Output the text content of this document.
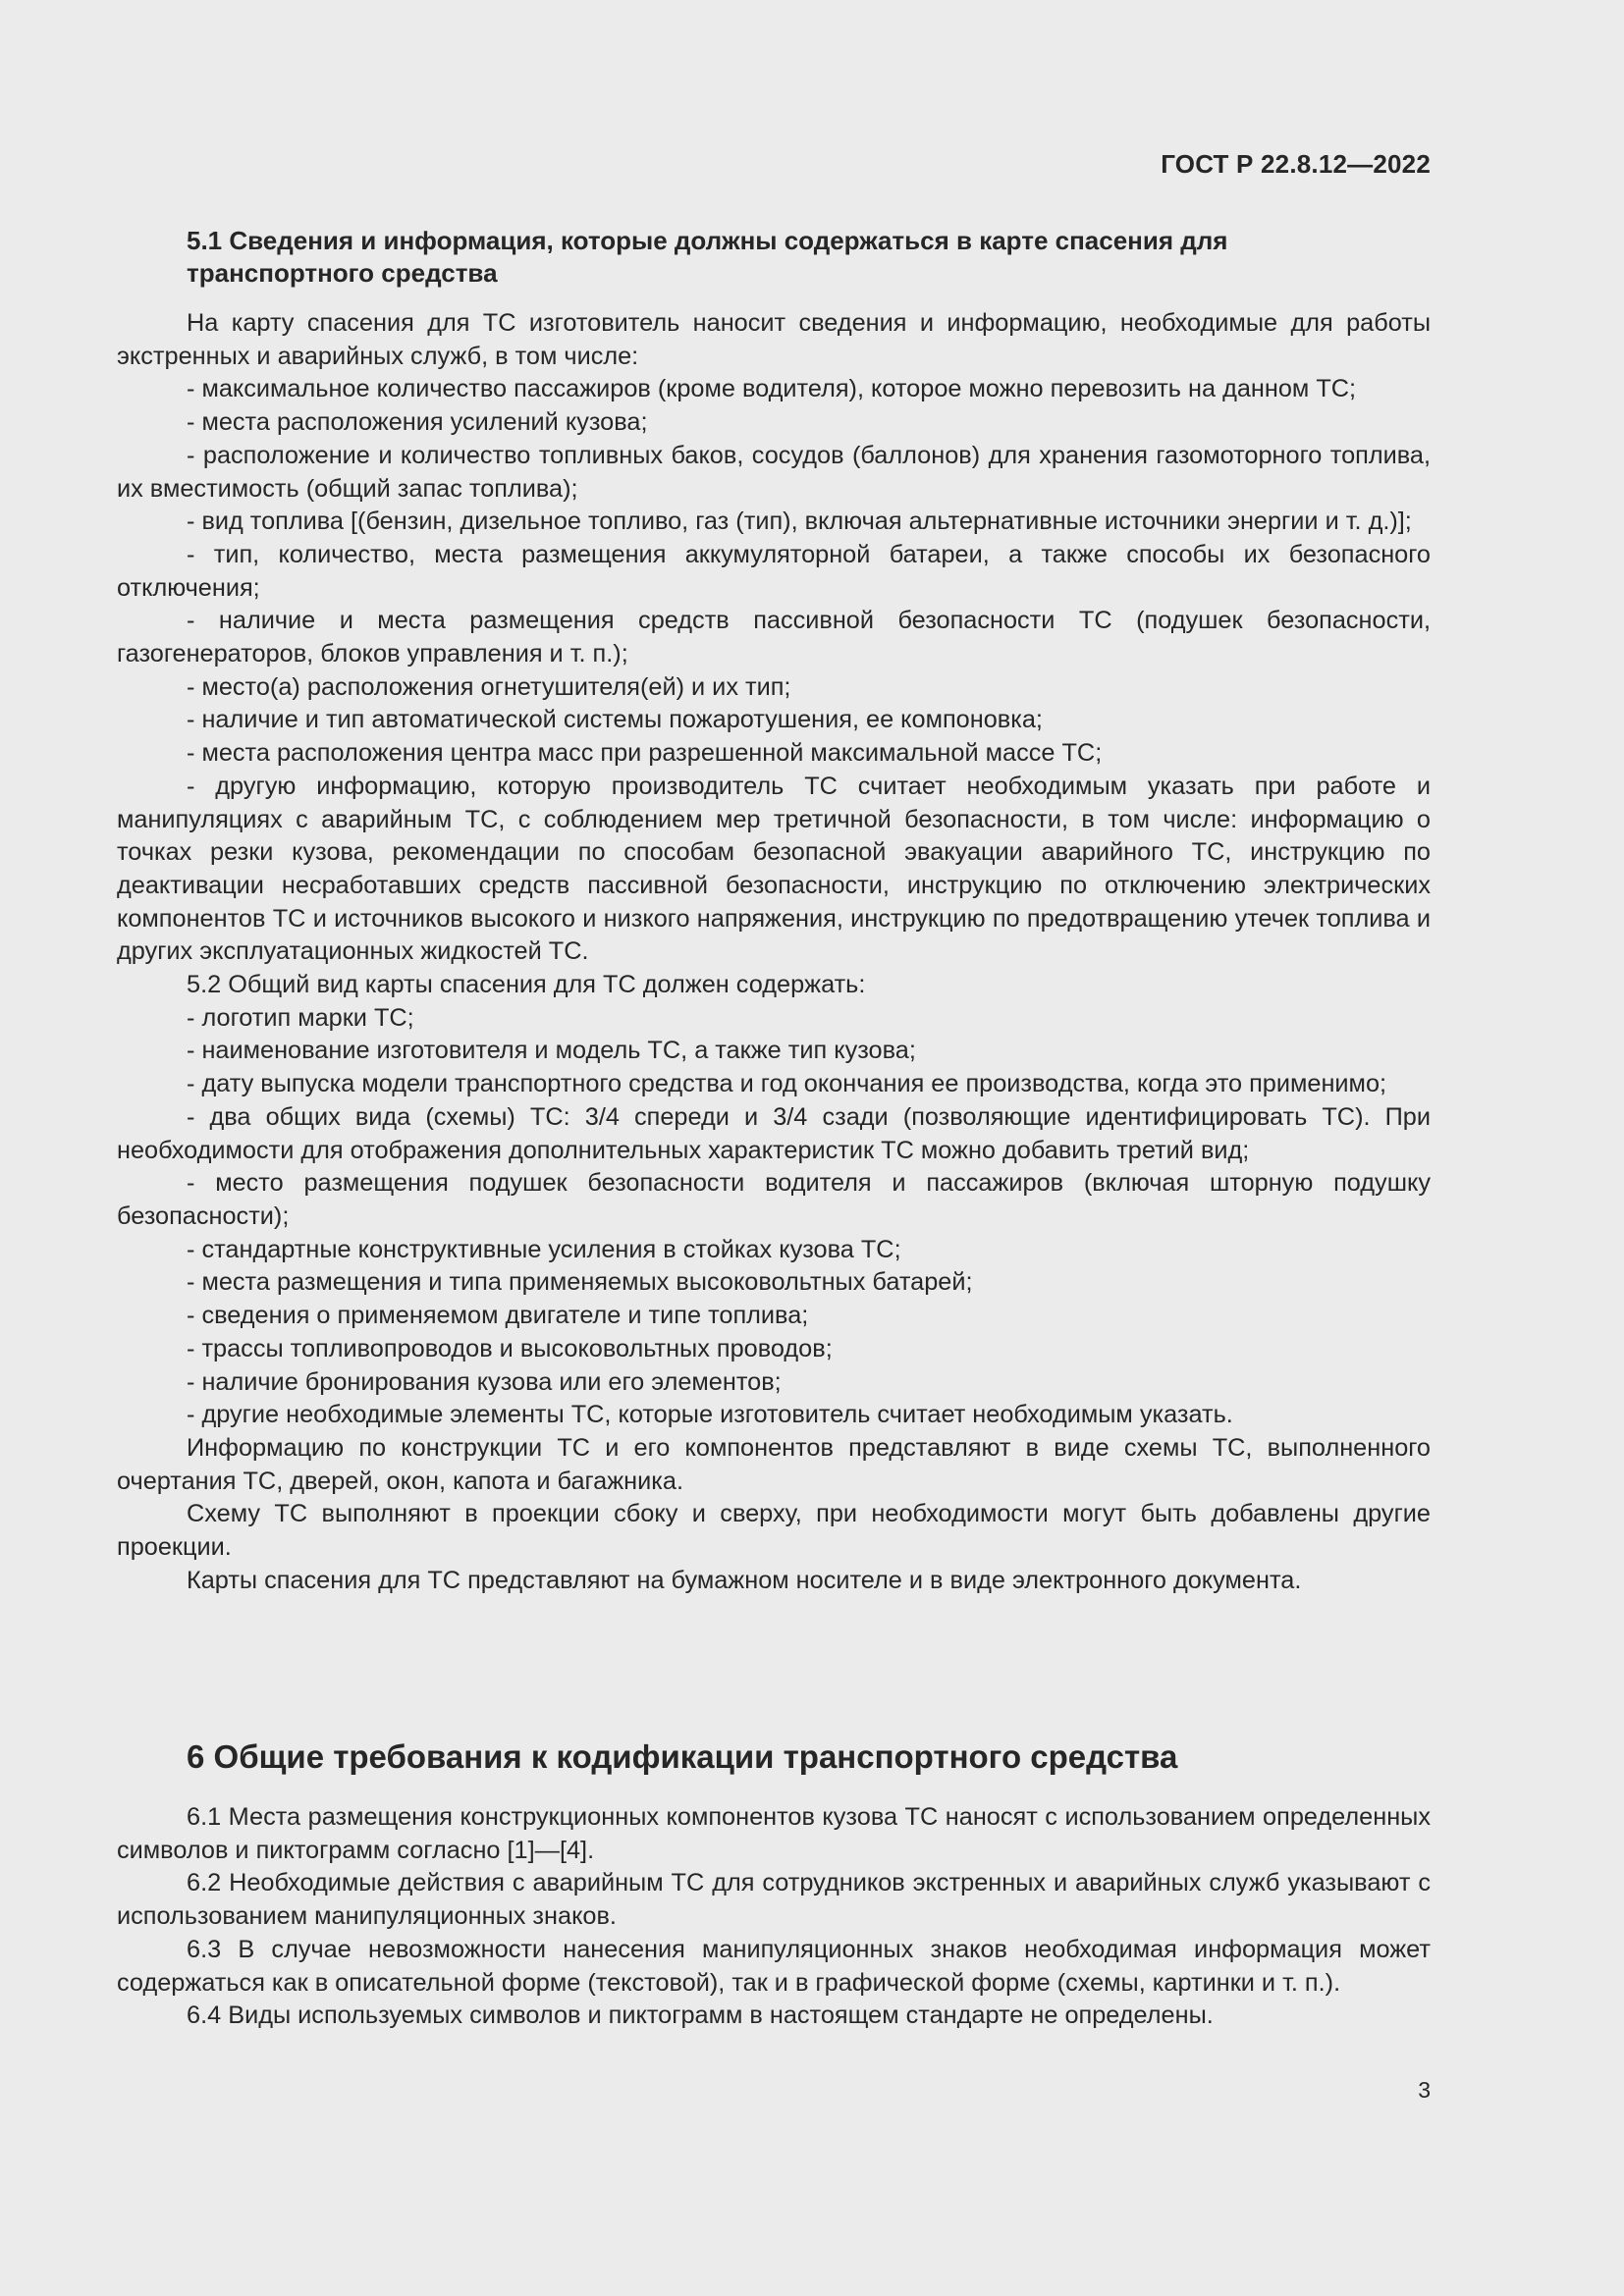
ГОСТ Р 22.8.12—2022
5.1 Сведения и информация, которые должны содержаться в карте спасения для транспортного средства

На карту спасения для ТС изготовитель наносит сведения и информацию, необходимые для работы экстренных и аварийных служб, в том числе:

- максимальное количество пассажиров (кроме водителя), которое можно перевозить на данном ТС;

- места расположения усилений кузова;

- расположение и количество топливных баков, сосудов (баллонов) для хранения газомоторного топлива, их вместимость (общий запас топлива);

- вид топлива [(бензин, дизельное топливо, газ (тип), включая альтернативные источники энергии и т. д.)];

- тип, количество, места размещения аккумуляторной батареи, а также способы их безопасного отключения;

- наличие и места размещения средств пассивной безопасности ТС (подушек безопасности, газогенераторов, блоков управления и т. п.);

- место(а) расположения огнетушителя(ей) и их тип;

- наличие и тип автоматической системы пожаротушения, ее компоновка;

- места расположения центра масс при разрешенной максимальной массе ТС;

- другую информацию, которую производитель ТС считает необходимым указать при работе и манипуляциях с аварийным ТС, с соблюдением мер третичной безопасности, в том числе: информацию о точках резки кузова, рекомендации по способам безопасной эвакуации аварийного ТС, инструкцию по деактивации несработавших средств пассивной безопасности, инструкцию по отключению электрических компонентов ТС и источников высокого и низкого напряжения, инструкцию по предотвращению утечек топлива и других эксплуатационных жидкостей ТС.

5.2 Общий вид карты спасения для ТС должен содержать:

- логотип марки ТС;

- наименование изготовителя и модель ТС, а также тип кузова;

- дату выпуска модели транспортного средства и год окончания ее производства, когда это применимо;

- два общих вида (схемы) ТС: 3/4 спереди и 3/4 сзади (позволяющие идентифицировать ТС). При необходимости для отображения дополнительных характеристик ТС можно добавить третий вид;

- место размещения подушек безопасности водителя и пассажиров (включая шторную подушку безопасности);

- стандартные конструктивные усиления в стойках кузова ТС;

- места размещения и типа применяемых высоковольтных батарей;

- сведения о применяемом двигателе и типе топлива;

- трассы топливопроводов и высоковольтных проводов;

- наличие бронирования кузова или его элементов;

- другие необходимые элементы ТС, которые изготовитель считает необходимым указать.

Информацию по конструкции ТС и его компонентов представляют в виде схемы ТС, выполненного очертания ТС, дверей, окон, капота и багажника.

Схему ТС выполняют в проекции сбоку и сверху, при необходимости могут быть добавлены другие проекции.

Карты спасения для ТС представляют на бумажном носителе и в виде электронного документа.

6 Общие требования к кодификации транспортного средства

6.1 Места размещения конструкционных компонентов кузова ТС наносят с использованием определенных символов и пиктограмм согласно [1]—[4].

6.2 Необходимые действия с аварийным ТС для сотрудников экстренных и аварийных служб указывают с использованием манипуляционных знаков.

6.3 В случае невозможности нанесения манипуляционных знаков необходимая информация может содержаться как в описательной форме (текстовой), так и в графической форме (схемы, картинки и т. п.).

6.4 Виды используемых символов и пиктограмм в настоящем стандарте не определены.

3
